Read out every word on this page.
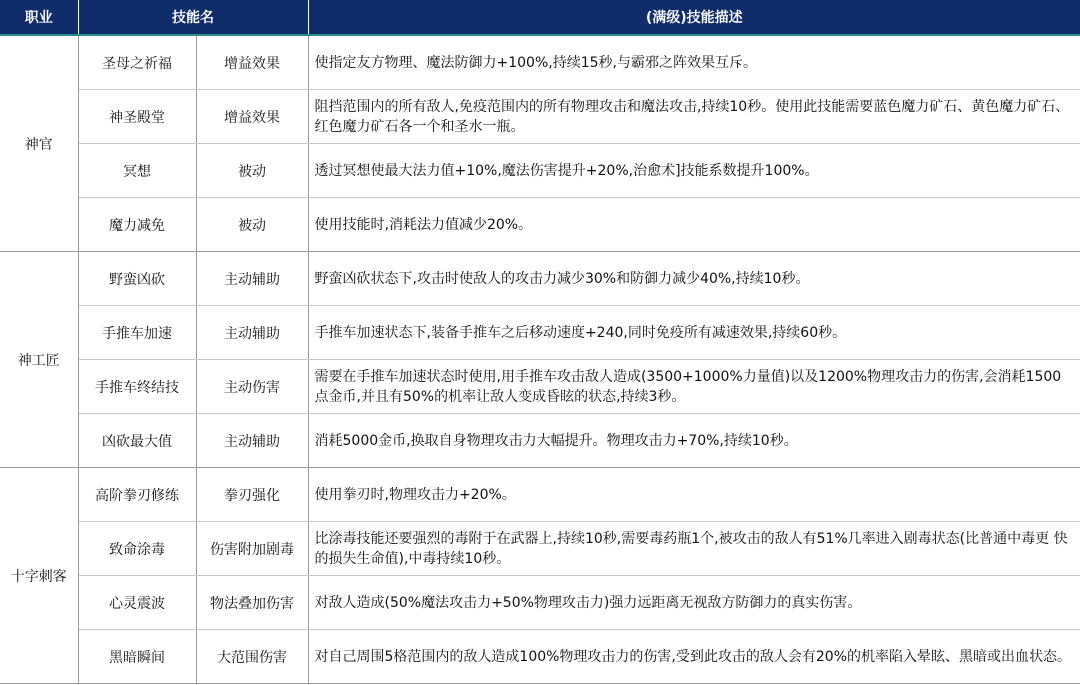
职业	技能名		(满级)技能描述
神官	圣母之祈福	增益效果	使指定友方物理、魔法防御力+100%,持续15秒,与霸邪之阵效果互斥。
	神圣殿堂	增益效果	阻挡范围内的所有敌人,免疫范围内的所有物理攻击和魔法攻击,持续10秒。使用此技能需要蓝色魔力矿石、黄色魔力矿石、 红色魔力矿石各一个和圣水一瓶。
	冥想	被动	透过冥想使最大法力值+10%,魔法伤害提升+20%,治愈术]技能系数提升100%。
	魔力减免	被动	使用技能时,消耗法力值减少20%。
神工匠	野蛮凶砍	主动辅助	野蛮凶砍状态下,攻击时使敌人的攻击力减少30%和防御力减少40%,持续10秒。
	手推车加速	主动辅助	手推车加速状态下,装备手推车之后移动速度+240,同时免疫所有减速效果,持续60秒。
	手推车终结技	主动伤害	需要在手推车加速状态时使用,用手推车攻击敌人造成(3500+1000%力量值)以及1200%物理攻击力的伤害,会消耗1500 点金币,并且有50%的机率让敌人变成昏眩的状态,持续3秒。
	凶砍最大值	主动辅助	消耗5000金币,换取自身物理攻击力大幅提升。物理攻击力+70%,持续10秒。
十字刺客	高阶拳刃修练	拳刃强化	使用拳刃时,物理攻击力+20%。
	致命涂毒	伤害附加剧毒	比涂毒技能还要强烈的毒附于在武器上,持续10秒,需要毒药瓶1个,被攻击的敌人有51%几率进入剧毒状态(比普通中毒更 快的损失生命值),中毒持续10秒。
	心灵震波	物法叠加伤害	对敌人造成(50%魔法攻击力+50%物理攻击力)强力远距离无视敌方防御力的真实伤害。
	黑暗瞬间	大范围伤害	对自己周围5格范围内的敌人造成100%物理攻击力的伤害,受到此攻击的敌人会有20%的机率陷入晕眩、黑暗或出血状态。
